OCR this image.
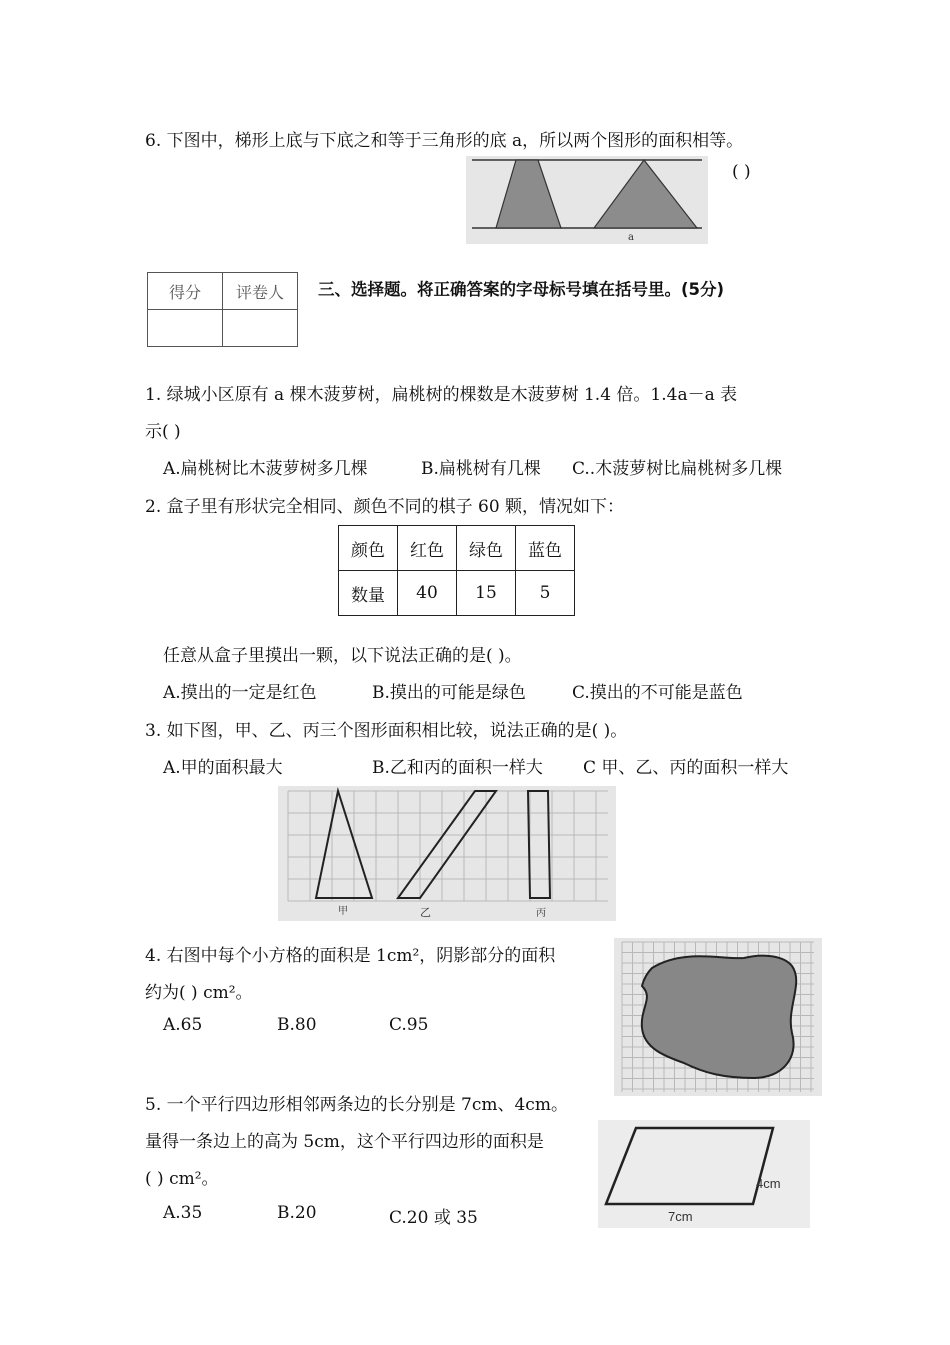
6. 下图中，梯形上底与下底之和等于三角形的底 a，所以两个图形的面积相等。
a
( )
得分	评卷人
	三、选择题。将正确答案的字母标号填在括号里。(5分)
1. 绿城小区原有 a 棵木菠萝树，扁桃树的棵数是木菠萝树 1.4 倍。1.4a－a 表
示( )
A.扁桃树比木菠萝树多几棵	B.扁桃树有几棵 C..木菠萝树比扁桃树多几棵
2. 盒子里有形状完全相同、颜色不同的棋子 60 颗，情况如下：
颜色	红色	绿色	蓝色
数量	40	15	5
任意从盒子里摸出一颗，以下说法正确的是( )。
A.摸出的一定是红色	B.摸出的可能是绿色	C.摸出的不可能是蓝色
3. 如下图，甲、乙、丙三个图形面积相比较，说法正确的是( )。
A.甲的面积最大	B.乙和丙的面积一样大 C 甲、乙、丙的面积一样大
甲	乙	丙
4. 右图中每个小方格的面积是 1cm²，阴影部分的面积
约为( ) cm²。
A.65	B.80	C.95
5. 一个平行四边形相邻两条边的长分别是 7cm、4cm。
量得一条边上的高为 5cm，这个平行四边形的面积是
( ) cm²。
A.35	B.20	C.20 或 35
4cm
7cm
